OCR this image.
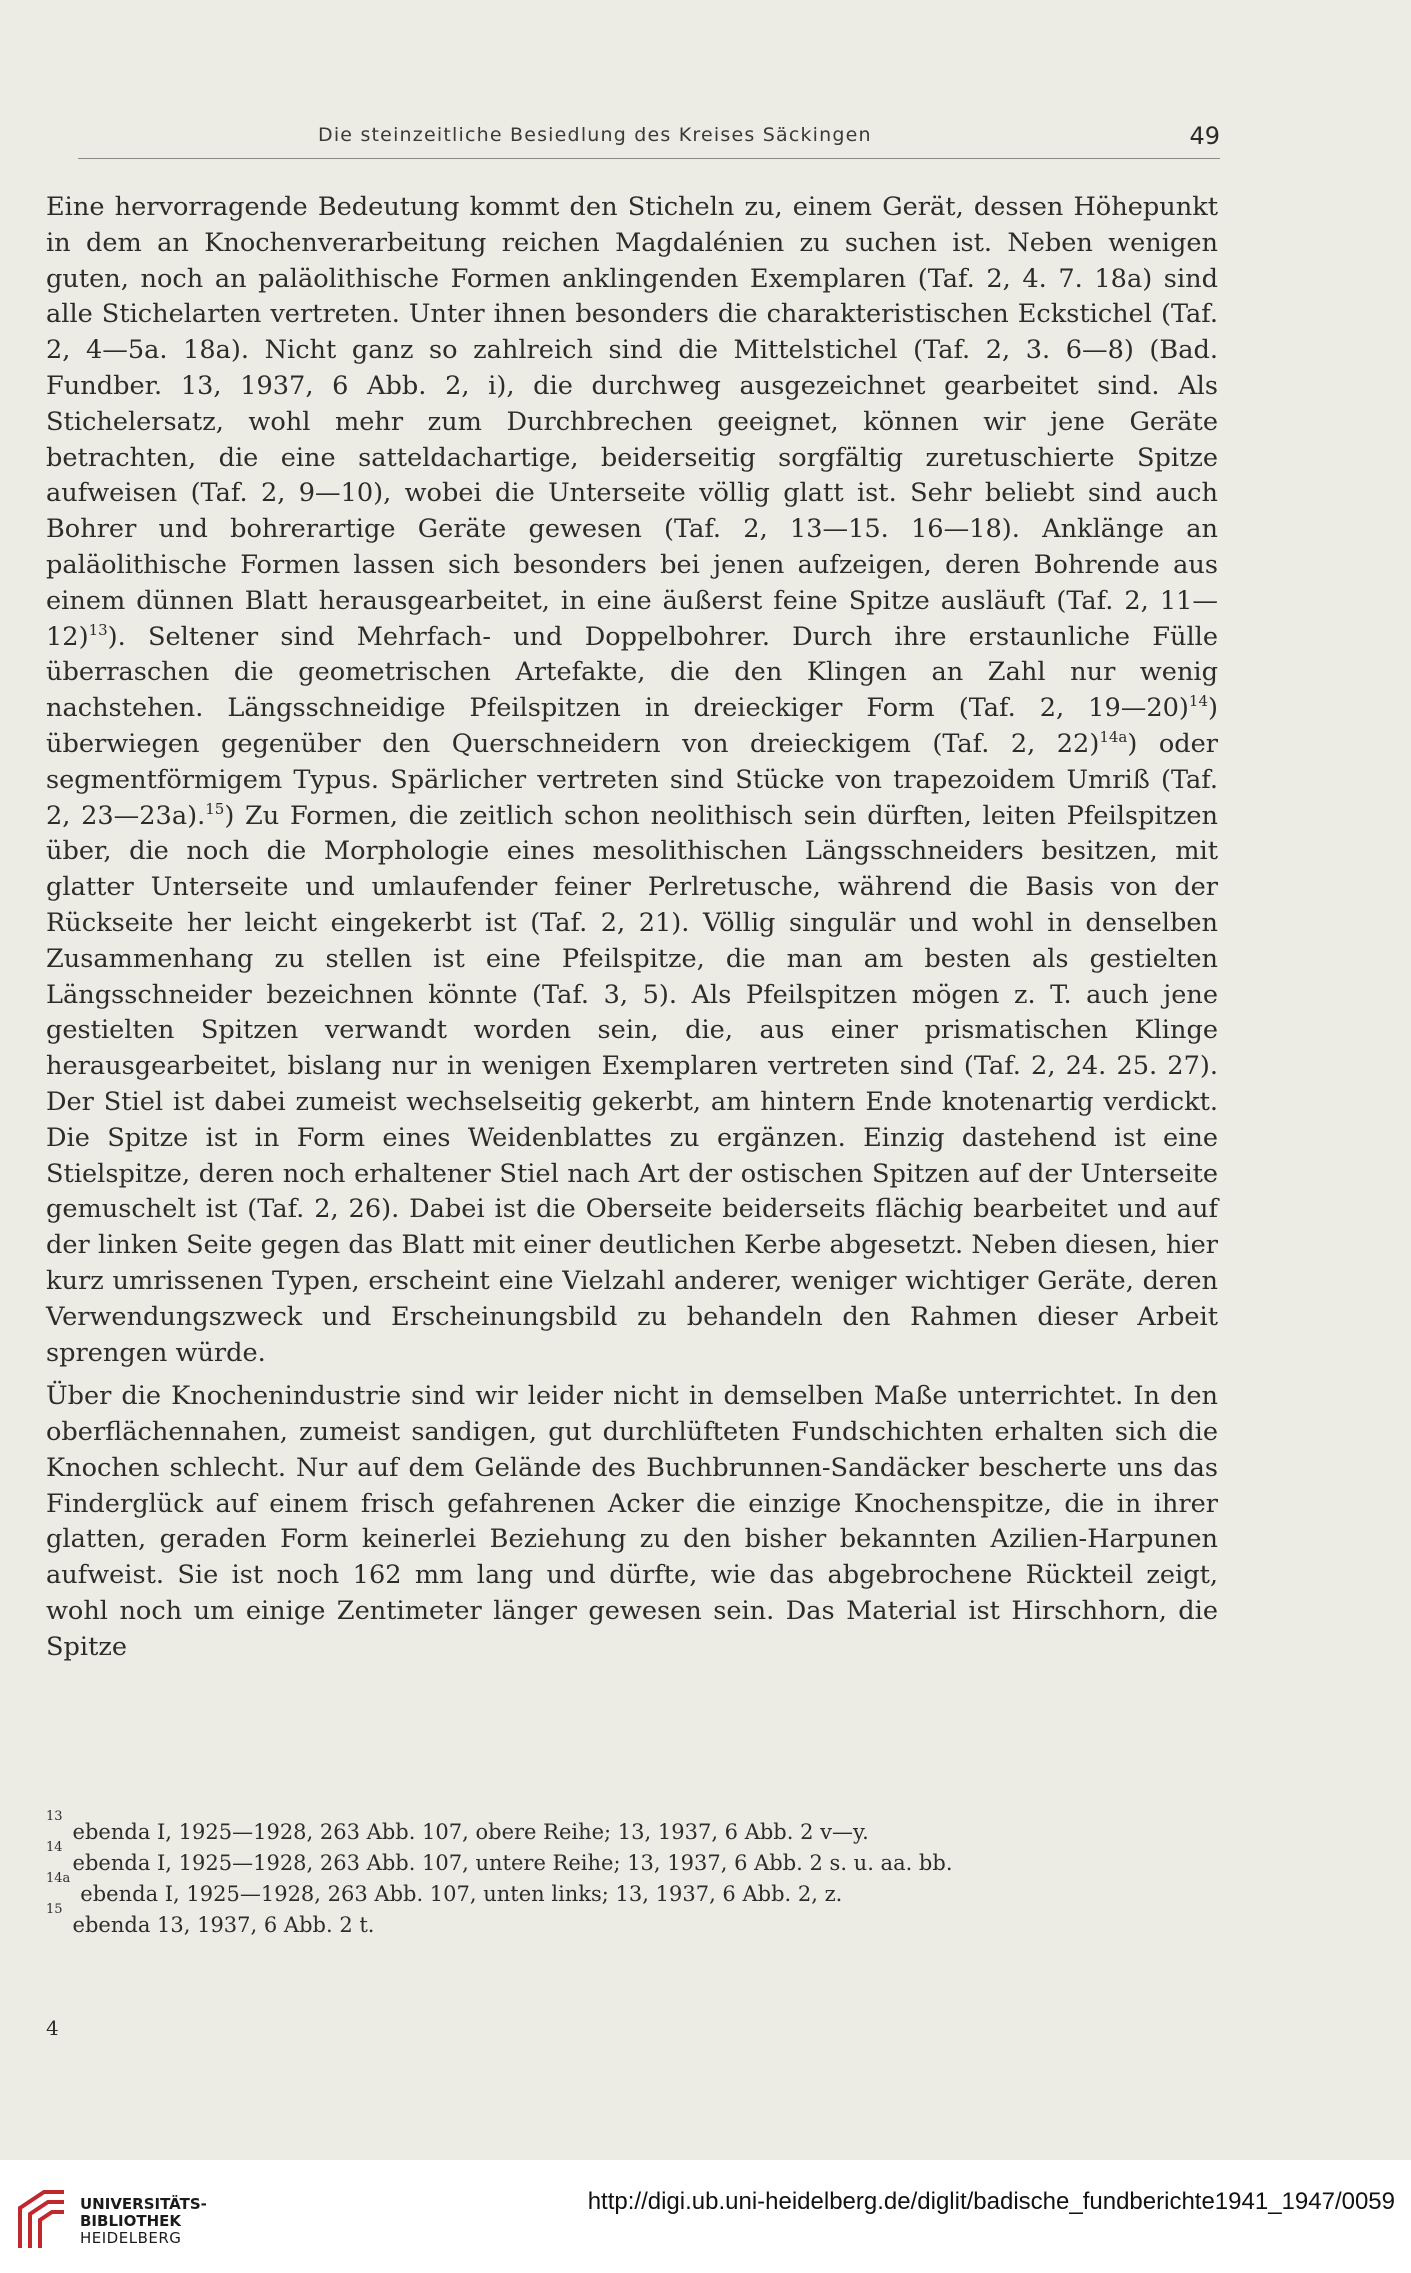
Die steinzeitliche Besiedlung des Kreises Säckingen	49

Eine hervorragende Bedeutung kommt den Sticheln zu, einem Gerät, dessen Höhepunkt in dem an Knochenverarbeitung reichen Magdalénien zu suchen ist. Neben wenigen guten, noch an paläolithische Formen anklingenden Exemplaren (Taf. 2, 4. 7. 18a) sind alle Stichelarten vertreten. Unter ihnen besonders die charakteristischen Eckstichel (Taf. 2, 4—5a. 18a). Nicht ganz so zahlreich sind die Mittelstichel (Taf. 2, 3. 6—8) (Bad. Fundber. 13, 1937, 6 Abb. 2, i), die durchweg ausgezeichnet gearbeitet sind. Als Stichelersatz, wohl mehr zum Durchbrechen geeignet, können wir jene Geräte betrachten, die eine satteldachartige, beiderseitig sorgfältig zuretuschierte Spitze aufweisen (Taf. 2, 9—10), wobei die Unterseite völlig glatt ist. Sehr beliebt sind auch Bohrer und bohrerartige Geräte gewesen (Taf. 2, 13—15. 16—18). Anklänge an paläolithische Formen lassen sich besonders bei jenen aufzeigen, deren Bohrende aus einem dünnen Blatt herausgearbeitet, in eine äußerst feine Spitze ausläuft (Taf. 2, 11—12)$^{13}$). Seltener sind Mehrfach- und Doppelbohrer. Durch ihre erstaunliche Fülle überraschen die geometrischen Artefakte, die den Klingen an Zahl nur wenig nachstehen. Längsschneidige Pfeilspitzen in dreieckiger Form (Taf. 2, 19—20)$^{14}$) überwiegen gegenüber den Querschneidern von dreieckigem (Taf. 2, 22)$^{14a}$) oder segmentförmigem Typus. Spärlicher vertreten sind Stücke von trapezoidem Umriß (Taf. 2, 23—23a).$^{15}$) Zu Formen, die zeitlich schon neolithisch sein dürften, leiten Pfeilspitzen über, die noch die Morphologie eines mesolithischen Längsschneiders besitzen, mit glatter Unterseite und umlaufender feiner Perlretusche, während die Basis von der Rückseite her leicht eingekerbt ist (Taf. 2, 21). Völlig singulär und wohl in denselben Zusammenhang zu stellen ist eine Pfeilspitze, die man am besten als gestielten Längsschneider bezeichnen könnte (Taf. 3, 5). Als Pfeilspitzen mögen z. T. auch jene gestielten Spitzen verwandt worden sein, die, aus einer prismatischen Klinge herausgearbeitet, bislang nur in wenigen Exemplaren vertreten sind (Taf. 2, 24. 25. 27). Der Stiel ist dabei zumeist wechselseitig gekerbt, am hintern Ende knotenartig verdickt. Die Spitze ist in Form eines Weidenblattes zu ergänzen. Einzig dastehend ist eine Stielspitze, deren noch erhaltener Stiel nach Art der ostischen Spitzen auf der Unterseite gemuschelt ist (Taf. 2, 26). Dabei ist die Oberseite beiderseits flächig bearbeitet und auf der linken Seite gegen das Blatt mit einer deutlichen Kerbe abgesetzt. Neben diesen, hier kurz umrissenen Typen, erscheint eine Vielzahl anderer, weniger wichtiger Geräte, deren Verwendungszweck und Erscheinungsbild zu behandeln den Rahmen dieser Arbeit sprengen würde.

Über die Knochenindustrie sind wir leider nicht in demselben Maße unterrichtet. In den oberflächennahen, zumeist sandigen, gut durchlüfteten Fundschichten erhalten sich die Knochen schlecht. Nur auf dem Gelände des Buchbrunnen-Sandäcker bescherte uns das Finderglück auf einem frisch gefahrenen Acker die einzige Knochenspitze, die in ihrer glatten, geraden Form keinerlei Beziehung zu den bisher bekannten Azilien-Harpunen aufweist. Sie ist noch 162 mm lang und dürfte, wie das abgebrochene Rückteil zeigt, wohl noch um einige Zentimeter länger gewesen sein. Das Material ist Hirschhorn, die Spitze

13
ebenda I, 1925—1928, 263 Abb. 107, obere Reihe; 13, 1937, 6 Abb. 2 v—y.
14
ebenda I, 1925—1928, 263 Abb. 107, untere Reihe; 13, 1937, 6 Abb. 2 s. u. aa. bb.
14a
ebenda I, 1925—1928, 263 Abb. 107, unten links; 13, 1937, 6 Abb. 2, z.
15
ebenda 13, 1937, 6 Abb. 2 t.
4
UNIVERSITÄTS-
BIBLIOTHEK
HEIDELBERG
http://digi.ub.uni-heidelberg.de/diglit/badische_fundberichte1941_1947/0059
